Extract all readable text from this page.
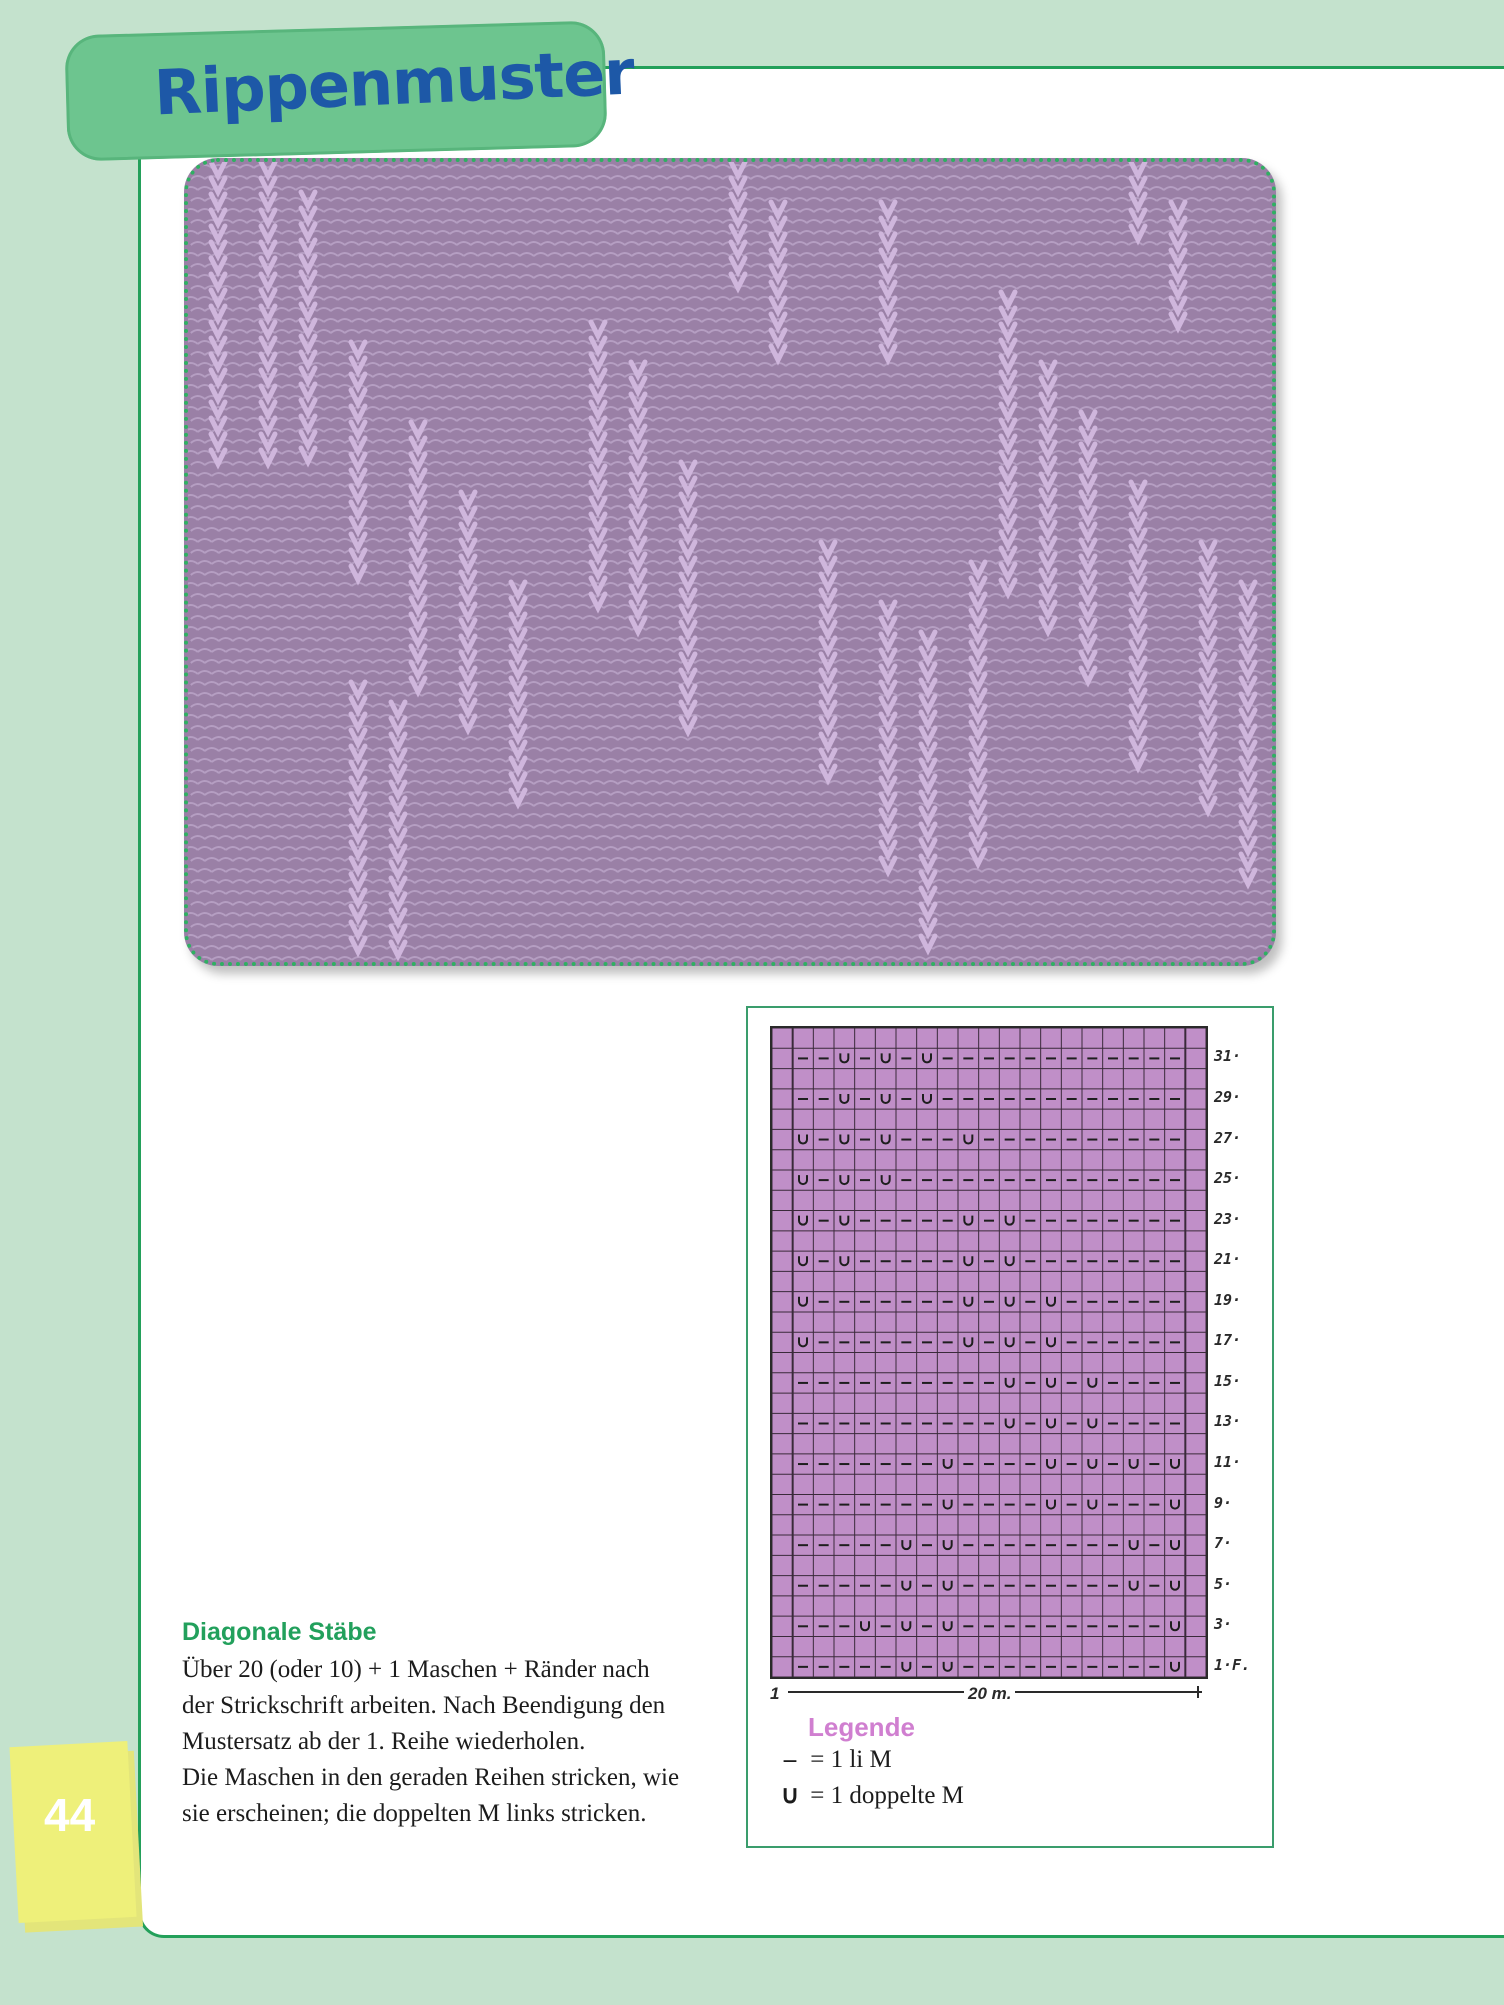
Rippenmuster
31·
29·
27·
25·
23·
21·
19·
17·
15·
13·
11·
9·
7·
5·
3·
1·F.
1	20 m.
Legende
– = 1 li M
∪ = 1 doppelte M
Diagonale Stäbe
Über 20 (oder 10) + 1 Maschen + Ränder nach
der Strickschrift arbeiten. Nach Beendigung den
Mustersatz ab der 1. Reihe wiederholen.
Die Maschen in den geraden Reihen stricken, wie
sie erscheinen; die doppelten M links stricken.
44
